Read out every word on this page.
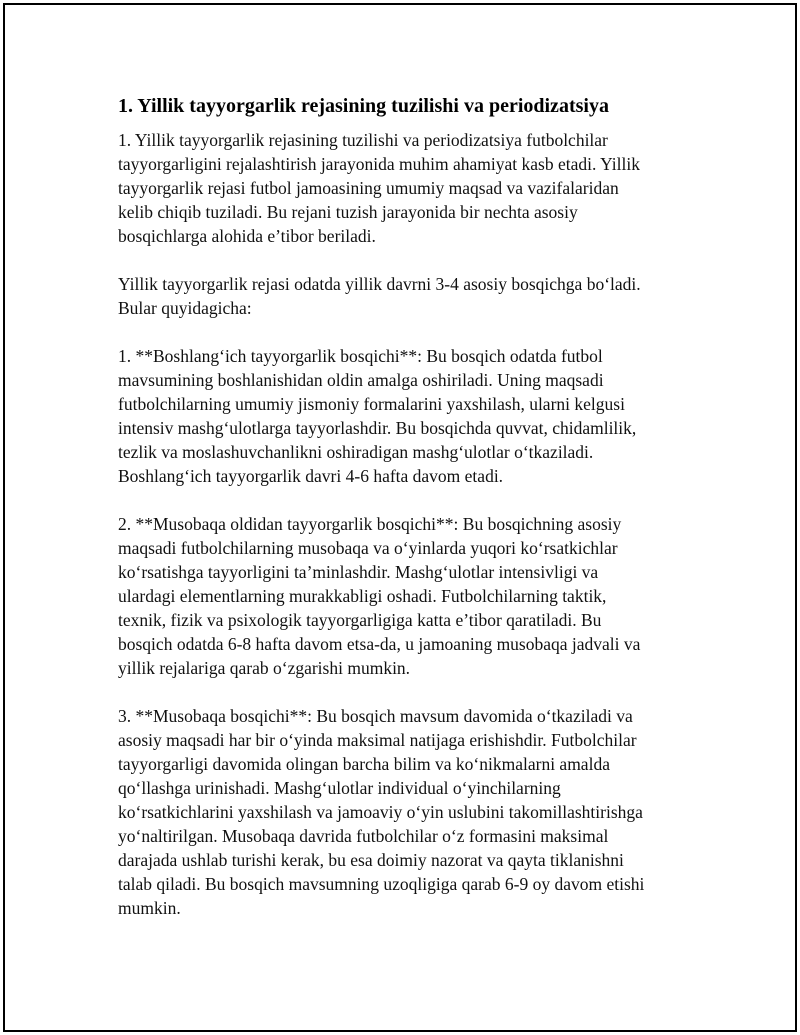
1. Yillik tayyorgarlik rejasining tuzilishi va periodizatsiya
1. Yillik tayyorgarlik rejasining tuzilishi va periodizatsiya futbolchilar
tayyorgarligini rejalashtirish jarayonida muhim ahamiyat kasb etadi. Yillik
tayyorgarlik rejasi futbol jamoasining umumiy maqsad va vazifalaridan
kelib chiqib tuziladi. Bu rejani tuzish jarayonida bir nechta asosiy
bosqichlarga alohida e’tibor beriladi.
Yillik tayyorgarlik rejasi odatda yillik davrni 3-4 asosiy bosqichga bo‘ladi.
Bular quyidagicha:
1. **Boshlang‘ich tayyorgarlik bosqichi**: Bu bosqich odatda futbol
mavsumining boshlanishidan oldin amalga oshiriladi. Uning maqsadi
futbolchilarning umumiy jismoniy formalarini yaxshilash, ularni kelgusi
intensiv mashg‘ulotlarga tayyorlashdir. Bu bosqichda quvvat, chidamlilik,
tezlik va moslashuvchanlikni oshiradigan mashg‘ulotlar o‘tkaziladi.
Boshlang‘ich tayyorgarlik davri 4-6 hafta davom etadi.
2. **Musobaqa oldidan tayyorgarlik bosqichi**: Bu bosqichning asosiy
maqsadi futbolchilarning musobaqa va o‘yinlarda yuqori ko‘rsatkichlar
ko‘rsatishga tayyorligini ta’minlashdir. Mashg‘ulotlar intensivligi va
ulardagi elementlarning murakkabligi oshadi. Futbolchilarning taktik,
texnik, fizik va psixologik tayyorgarligiga katta e’tibor qaratiladi. Bu
bosqich odatda 6-8 hafta davom etsa-da, u jamoaning musobaqa jadvali va
yillik rejalariga qarab o‘zgarishi mumkin.
3. **Musobaqa bosqichi**: Bu bosqich mavsum davomida o‘tkaziladi va
asosiy maqsadi har bir o‘yinda maksimal natijaga erishishdir. Futbolchilar
tayyorgarligi davomida olingan barcha bilim va ko‘nikmalarni amalda
qo‘llashga urinishadi. Mashg‘ulotlar individual o‘yinchilarning
ko‘rsatkichlarini yaxshilash va jamoaviy o‘yin uslubini takomillashtirishga
yo‘naltirilgan. Musobaqa davrida futbolchilar o‘z formasini maksimal
darajada ushlab turishi kerak, bu esa doimiy nazorat va qayta tiklanishni
talab qiladi. Bu bosqich mavsumning uzoqligiga qarab 6-9 oy davom etishi
mumkin.
